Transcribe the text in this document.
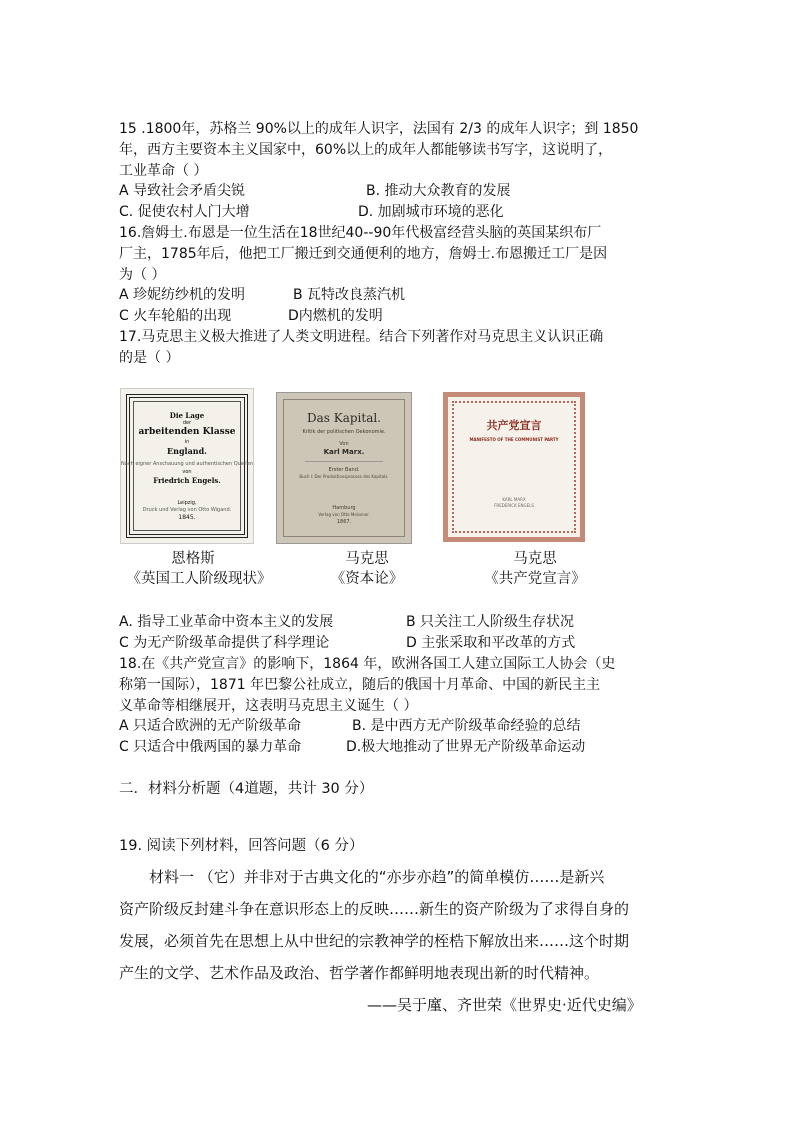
15 .1800年，苏格兰 90%以上的成年人识字，法国有 2/3 的成年人识字；到 1850
年，西方主要资本主义国家中，60%以上的成年人都能够读书写字，这说明了，
工业革命（ ）
A 导致社会矛盾尖锐	B. 推动大众教育的发展
C. 促使农村人门大增	D. 加剧城市环境的恶化
16.詹姆士.布恩是一位生活在18世纪40--90年代极富经营头脑的英国某织布厂
厂主，1785年后，他把工厂搬迁到交通便利的地方，詹姆士.布恩搬迁工厂是因
为（ ）
A 珍妮纺纱机的发明	B 瓦特改良蒸汽机
C 火车轮船的出现	D内燃机的发明
17.马克思主义极大推进了人类文明进程。结合下列著作对马克思主义认识正确
的是（ ）
Die Lage
der
arbeitenden Klasse
in
England.
Nach eigner Anschauung und authentischen Quellen
von
Friedrich Engels.
Leipzig,
Druck und Verlag von Otto Wigand.
1845.
Das Kapital.
Kritik der politischen Oekonomie.
Von
Karl Marx.
Erster Band.
Buch I: Der Produktionsprocess des Kapitals.
Hamburg
Verlag von Otto Meissner.
1867.
共产党宣言
MANIFESTO OF THE COMMUNIST PARTY
KARL MARX
FREDERICK ENGELS
恩格斯
《英国工人阶级现状》
马克思
《资本论》
马克思
《共产党宣言》
A. 指导工业革命中资本主义的发展	B 只关注工人阶级生存状况
C 为无产阶级革命提供了科学理论	D 主张采取和平改革的方式
18.在《共产党宣言》的影响下，1864 年，欧洲各国工人建立国际工人协会（史
称第一国际），1871 年巴黎公社成立，随后的俄国十月革命、中国的新民主主
义革命等相继展开，这表明马克思主义诞生（ ）
A 只适合欧洲的无产阶级革命	B. 是中西方无产阶级革命经验的总结
C 只适合中俄两国的暴力革命	D.极大地推动了世界无产阶级革命运动
二．材料分析题（4道题，共计 30 分）
19. 阅读下列材料，回答问题（6 分）
材料一 （它）并非对于古典文化的“亦步亦趋”的简单模仿……是新兴
资产阶级反封建斗争在意识形态上的反映……新生的资产阶级为了求得自身的
发展，必须首先在思想上从中世纪的宗教神学的桎梏下解放出来……这个时期
产生的文学、艺术作品及政治、哲学著作都鲜明地表现出新的时代精神。
——吴于廑、齐世荣《世界史·近代史编》
